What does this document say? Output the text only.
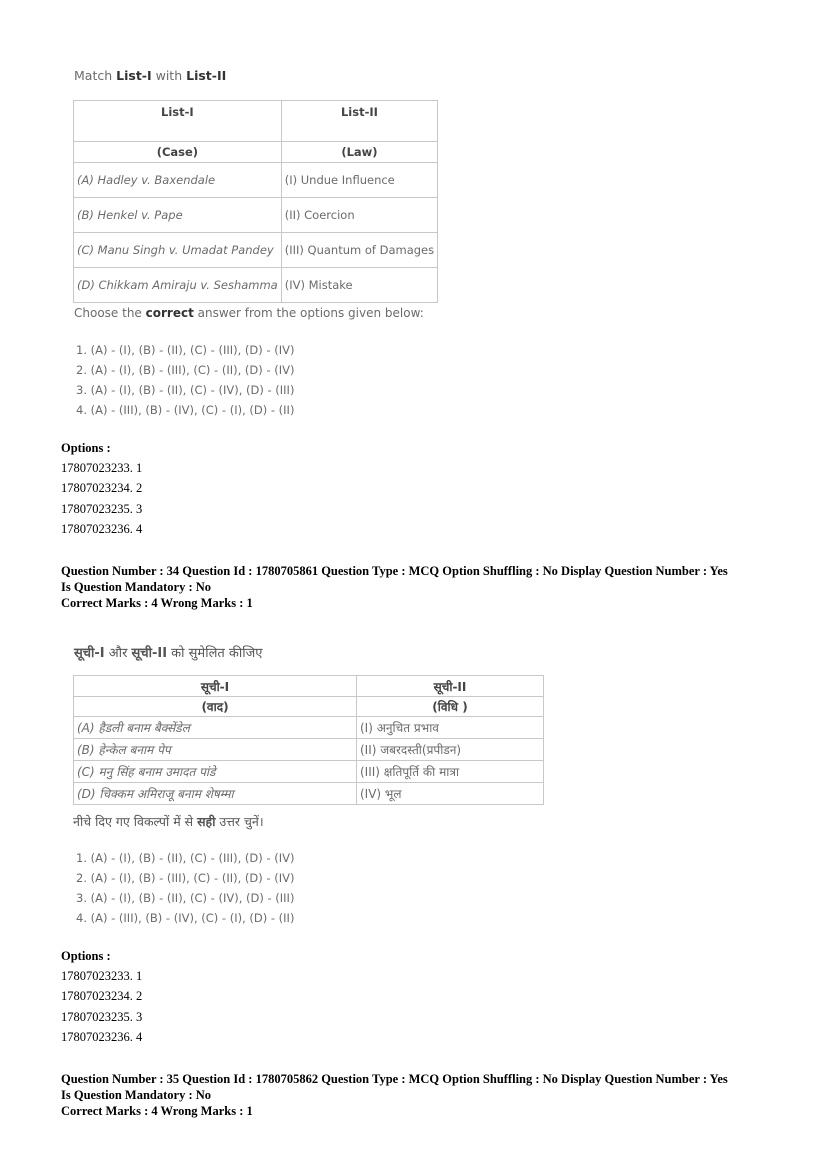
Match List-I with List-II
List-I	List-II
(Case)	(Law)
(A) Hadley v. Baxendale	(I) Undue Influence
(B) Henkel v. Pape	(II) Coercion
(C) Manu Singh v. Umadat Pandey	(III) Quantum of Damages
(D) Chikkam Amiraju v. Seshamma	(IV) Mistake
Choose the correct answer from the options given below:
1. (A) - (I), (B) - (II), (C) - (III), (D) - (IV)
2. (A) - (I), (B) - (III), (C) - (II), (D) - (IV)
3. (A) - (I), (B) - (II), (C) - (IV), (D) - (III)
4. (A) - (III), (B) - (IV), (C) - (I), (D) - (II)
Options :
17807023233. 1
17807023234. 2
17807023235. 3
17807023236. 4
Question Number : 34 Question Id : 1780705861 Question Type : MCQ Option Shuffling : No Display Question Number : Yes
Is Question Mandatory : No
Correct Marks : 4 Wrong Marks : 1
सूची-I और सूची-II को सुमेलित कीजिए
सूची-I	सूची-II
(वाद)	(विधि )
(A) हैडली बनाम बैक्सेंडेल	(I) अनुचित प्रभाव
(B) हेन्केल बनाम पेप	(II) जबरदस्ती(प्रपीडन)
(C) मनु सिंह बनाम उमादत पांडे	(III) क्षतिपूर्ति की मात्रा
(D) चिक्कम अमिराजू बनाम शेषम्मा	(IV) भूल
नीचे दिए गए विकल्पों में से सही उत्तर चुनें।
1. (A) - (I), (B) - (II), (C) - (III), (D) - (IV)
2. (A) - (I), (B) - (III), (C) - (II), (D) - (IV)
3. (A) - (I), (B) - (II), (C) - (IV), (D) - (III)
4. (A) - (III), (B) - (IV), (C) - (I), (D) - (II)
Options :
17807023233. 1
17807023234. 2
17807023235. 3
17807023236. 4
Question Number : 35 Question Id : 1780705862 Question Type : MCQ Option Shuffling : No Display Question Number : Yes
Is Question Mandatory : No
Correct Marks : 4 Wrong Marks : 1
